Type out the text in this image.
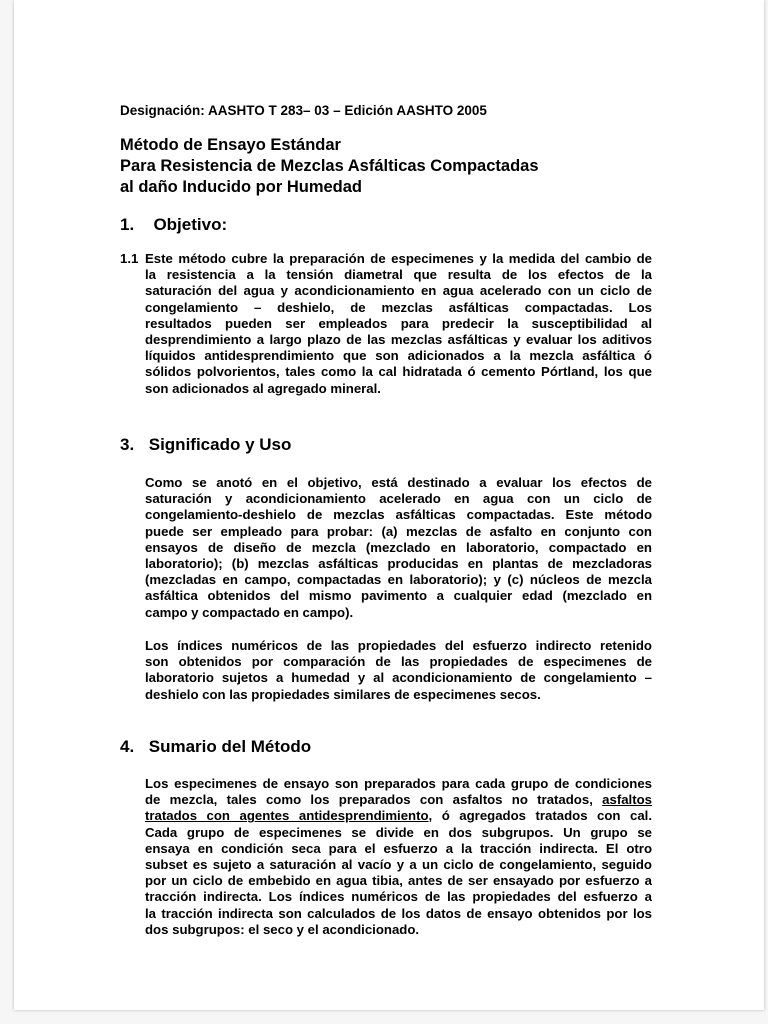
Designación: AASHTO T 283– 03 – Edición AASHTO 2005
Método de Ensayo Estándar
Para Resistencia de Mezclas Asfálticas Compactadas
al daño Inducido por Humedad
1. Objetivo:
1.1 Este método cubre la preparación de especimenes y la medida del cambio de
la resistencia a la tensión diametral que resulta de los efectos de la
saturación del agua y acondicionamiento en agua acelerado con un ciclo de
congelamiento – deshielo, de mezclas asfálticas compactadas. Los
resultados pueden ser empleados para predecir la susceptibilidad al
desprendimiento a largo plazo de las mezclas asfálticas y evaluar los aditivos
líquidos antidesprendimiento que son adicionados a la mezcla asfáltica ó
sólidos polvorientos, tales como la cal hidratada ó cemento Pórtland, los que
son adicionados al agregado mineral.
3. Significado y Uso
Como se anotó en el objetivo, está destinado a evaluar los efectos de
saturación y acondicionamiento acelerado en agua con un ciclo de
congelamiento-deshielo de mezclas asfálticas compactadas. Este método
puede ser empleado para probar: (a) mezclas de asfalto en conjunto con
ensayos de diseño de mezcla (mezclado en laboratorio, compactado en
laboratorio); (b) mezclas asfálticas producidas en plantas de mezcladoras
(mezcladas en campo, compactadas en laboratorio); y (c) núcleos de mezcla
asfáltica obtenidos del mismo pavimento a cualquier edad (mezclado en
campo y compactado en campo).
Los índices numéricos de las propiedades del esfuerzo indirecto retenido
son obtenidos por comparación de las propiedades de especimenes de
laboratorio sujetos a humedad y al acondicionamiento de congelamiento –
deshielo con las propiedades similares de especimenes secos.
4. Sumario del Método
Los especimenes de ensayo son preparados para cada grupo de condiciones
de mezcla, tales como los preparados con asfaltos no tratados, asfaltos
tratados con agentes antidesprendimiento, ó agregados tratados con cal.
Cada grupo de especimenes se divide en dos subgrupos. Un grupo se
ensaya en condición seca para el esfuerzo a la tracción indirecta. El otro
subset es sujeto a saturación al vacío y a un ciclo de congelamiento, seguido
por un ciclo de embebido en agua tibia, antes de ser ensayado por esfuerzo a
tracción indirecta. Los índices numéricos de las propiedades del esfuerzo a
la tracción indirecta son calculados de los datos de ensayo obtenidos por los
dos subgrupos: el seco y el acondicionado.
